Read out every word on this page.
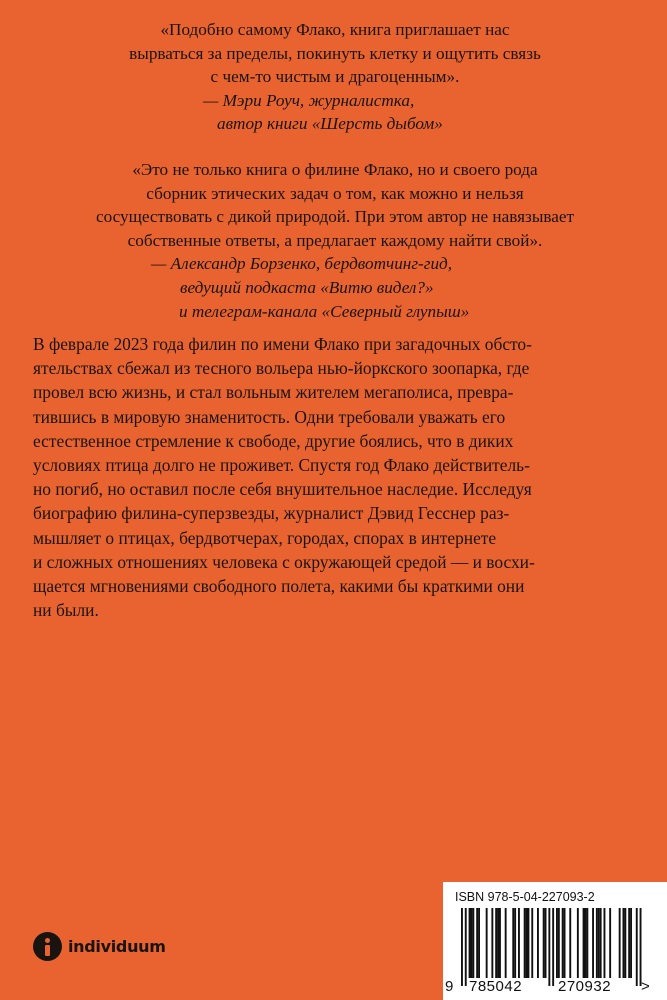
«Подобно самому Флако, книга приглашает нас
вырваться за пределы, покинуть клетку и ощутить связь
с чем-то чистым и драгоценным».
— Мэри Роуч, журналистка,
автор книги «Шерсть дыбом»
«Это не только книга о филине Флако, но и своего рода
сборник этических задач о том, как можно и нельзя
сосуществовать с дикой природой. При этом автор не навязывает
собственные ответы, а предлагает каждому найти свой».
— Александр Борзенко, бердвотчинг-гид,
ведущий подкаста «Витю видел?»
и телеграм-канала «Северный глупыш»
В феврале 2023 года филин по имени Флако при загадочных обсто-
ятельствах сбежал из тесного вольера нью-йоркского зоопарка, где
провел всю жизнь, и стал вольным жителем мегаполиса, превра-
тившись в мировую знаменитость. Одни требовали уважать его
естественное стремление к свободе, другие боялись, что в диких
условиях птица долго не проживет. Спустя год Флако действитель-
но погиб, но оставил после себя внушительное наследие. Исследуя
биографию филина-суперзвезды, журналист Дэвид Гесснер раз-
мышляет о птицах, бердвотчерах, городах, спорах в интернете
и сложных отношениях человека с окружающей средой — и восхи-
щается мгновениями свободного полета, какими бы краткими они
ни были.
individuum
ISBN 978-5-04-227093-2
9 785042 270932 >
